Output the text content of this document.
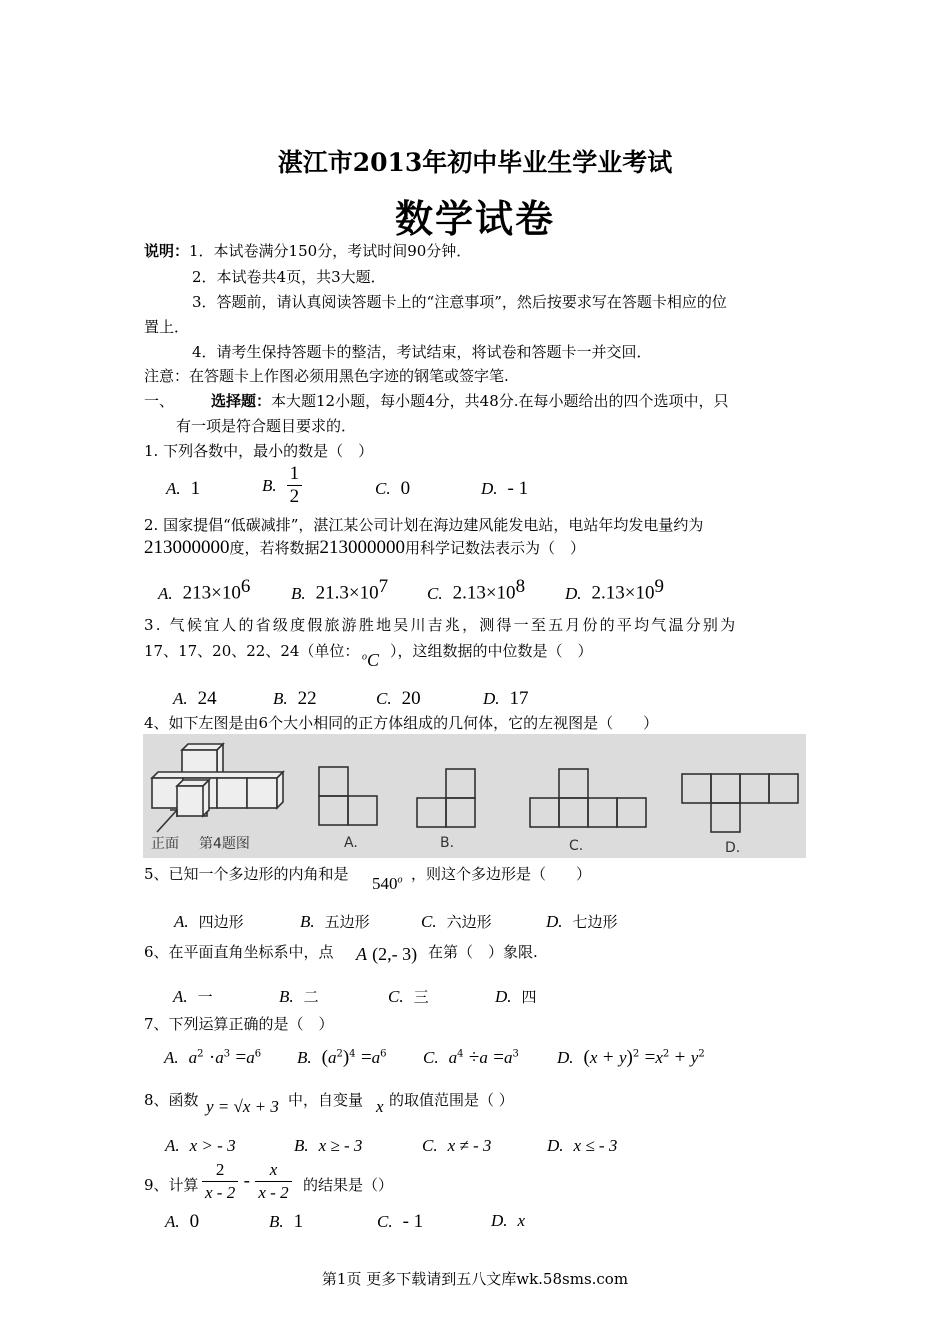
湛江市2013年初中毕业生学业考试
数学试卷
说明：1．本试卷满分150分，考试时间90分钟．
2．本试卷共4页，共3大题．
3．答题前，请认真阅读答题卡上的“注意事项”，然后按要求写在答题卡相应的位
置上．
4．请考生保持答题卡的整洁，考试结束，将试卷和答题卡一并交回．
注意：在答题卡上作图必须用黑色字迹的钢笔或签字笔.
一、 选择题：本大题12小题，每小题4分，共48分.在每小题给出的四个选项中，只
有一项是符合题目要求的．
1. 下列各数中，最小的数是（　）
A. 1	B. $\frac{1}{2}$	C. 0	D. - 1
2. 国家提倡“低碳减排”，湛江某公司计划在海边建风能发电站，电站年均发电量约为
213000000度，若将数据213000000用科学记数法表示为（　）
A. $213\times 10^6$ B. $21.3\times 10^7$ C. $2.13\times 10^8$ D. $2.13\times 10^9$
3. 气候宜人的省级度假旅游胜地吴川吉兆，测得一至五月份的平均气温分别为
17、17、20、22、24（单位： $^o$C ），这组数据的中位数是（　）
A. 24	B. 22	C. 20	D. 17
4、如下左图是由6个大小相同的正方体组成的几何体，它的左视图是（　　）
正面 第4题图	A.	B.	C.	D.
5、已知一个多边形的内角和是 540$^o$ ，则这个多边形是（　　）
A. 四边形	B. 五边形	C. 六边形	D. 七边形
6、在平面直角坐标系中，点 A (2,- 3) 在第（　）象限.
A. 一	B. 二	C. 三	D. 四
7、下列运算正确的是（　）
A. $a^2 \cdot a^3 =a^6$ B. $(a^2)^4 =a^6$ C. $a^4 \div a =a^3$ D. $(x + y)^2 =x^2 + y^2$
8、函数 y = √x + 3 中，自变量 x 的取值范围是（ ）
A. x > - 3	B. x ≥ - 3	C. x ≠ - 3	D. x ≤ - 3
9、计算 $\frac{2}{x - 2} - \frac{x}{x - 2}$ 的结果是（）
A. 0	B. 1	C. - 1	D. x
第1页 更多下载请到五八文库wk.58sms.com
